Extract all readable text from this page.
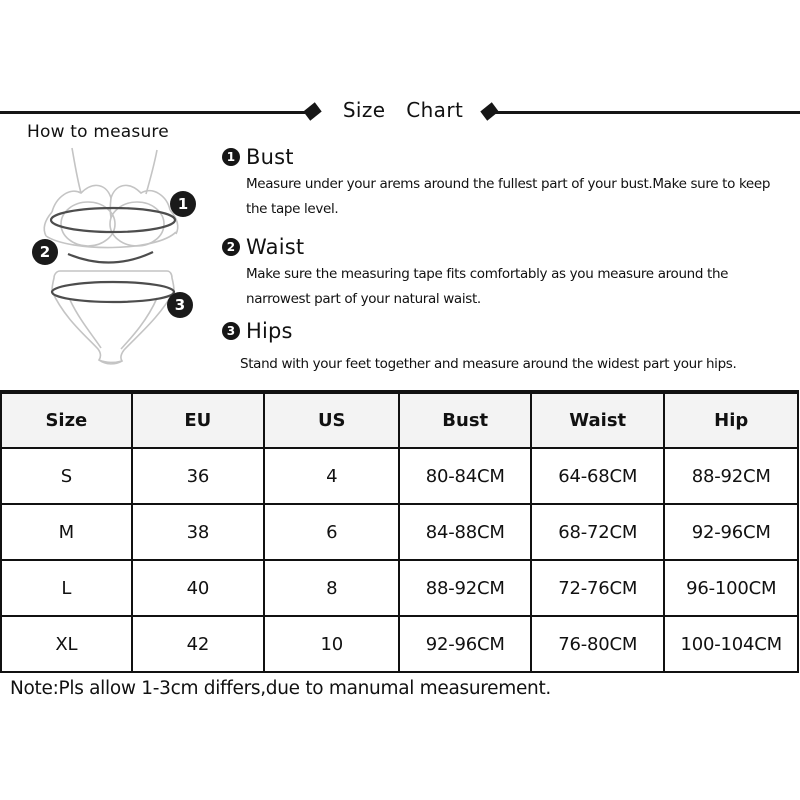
Size Chart
How to measure
1
2
3
1 Bust

Measure under your arems around the fullest part of your bust.Make sure to keep the tape level.

2 Waist

Make sure the measuring tape fits comfortably as you measure around the narrowest part of your natural waist.

3 Hips

Stand with your feet together and measure around the widest part your hips.

Size	EU	US	Bust	Waist	Hip
S	36	4	80-84CM	64-68CM	88-92CM
M	38	6	84-88CM	68-72CM	92-96CM
L	40	8	88-92CM	72-76CM	96-100CM
XL	42	10	92-96CM	76-80CM	100-104CM
Note:Pls allow 1-3cm differs,due to manumal measurement.
